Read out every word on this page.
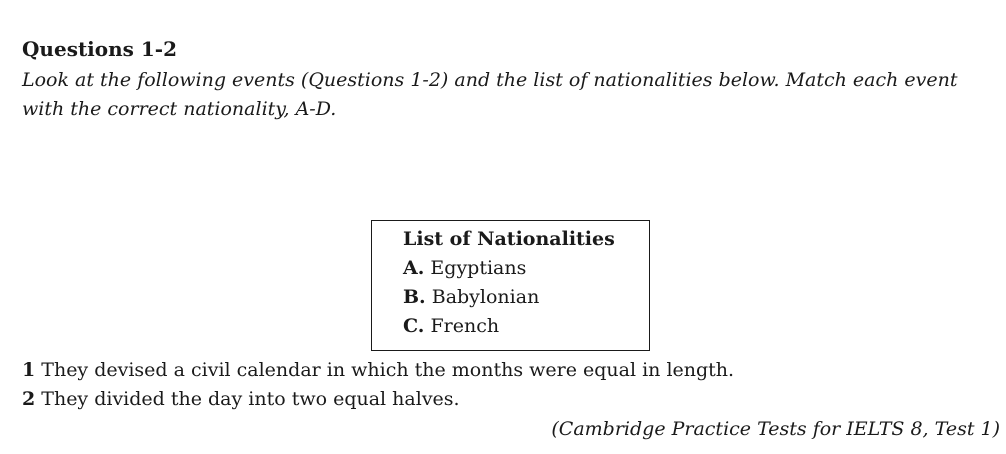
Questions 1-2
Look at the following events (Questions 1-2) and the list of nationalities below. Match each event with the correct nationality, A-D.
List of Nationalities
A. Egyptians
B. Babylonian
C. French
1 They devised a civil calendar in which the months were equal in length.
2 They divided the day into two equal halves.
(Cambridge Practice Tests for IELTS 8, Test 1)
